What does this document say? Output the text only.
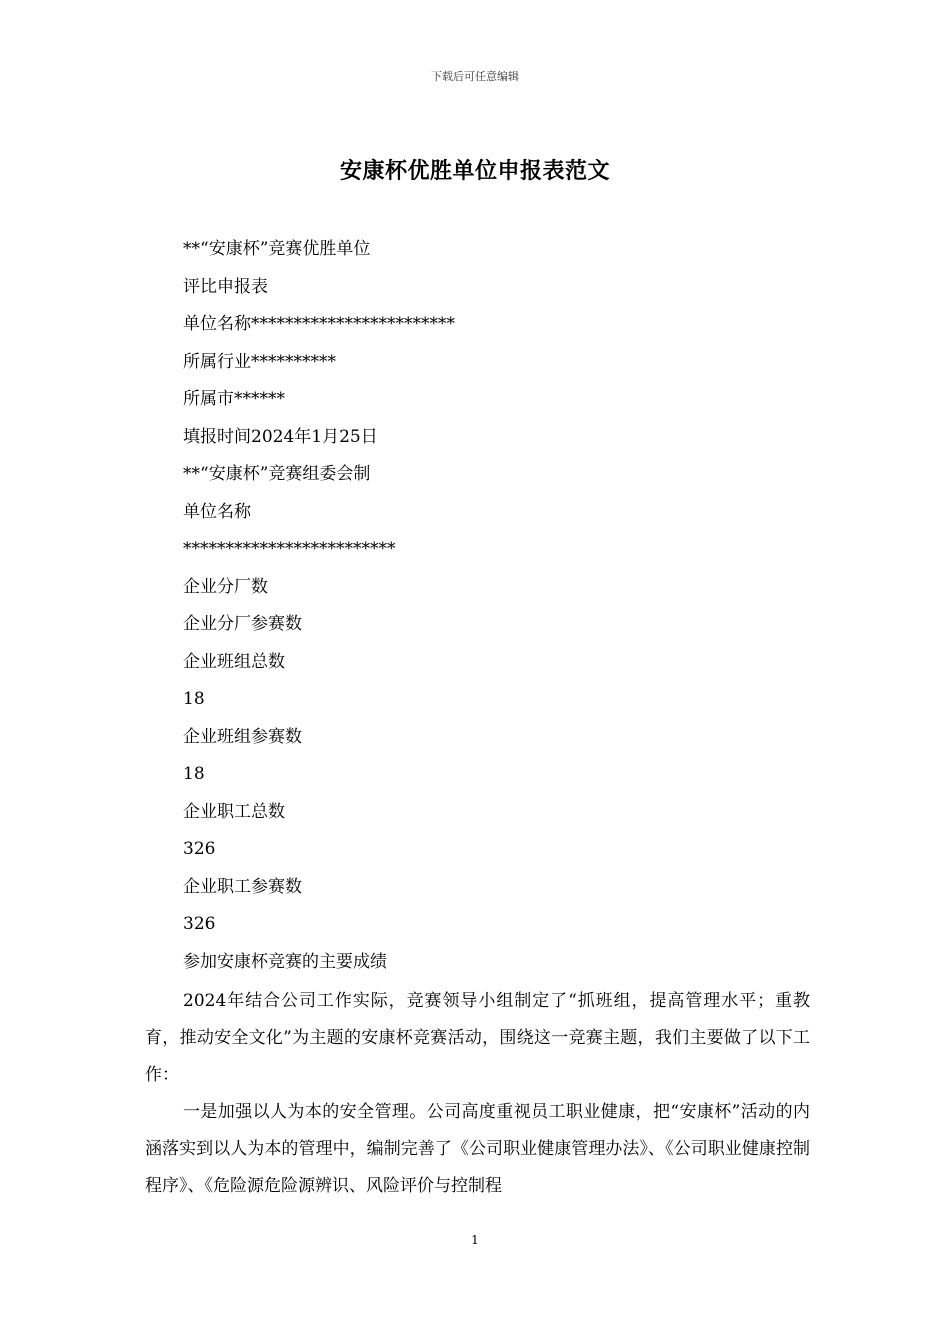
下载后可任意编辑
安康杯优胜单位申报表范文
**“安康杯”竞赛优胜单位
评比申报表
单位名称************************
所属行业**********
所属市******
填报时间2024年1月25日
**“安康杯”竞赛组委会制
单位名称
*************************
企业分厂数
企业分厂参赛数
企业班组总数
18
企业班组参赛数
18
企业职工总数
326
企业职工参赛数
326
参加安康杯竞赛的主要成绩

2024年结合公司工作实际，竞赛领导小组制定了“抓班组，提高管理水平；重教育，推动安全文化”为主题的安康杯竞赛活动，围绕这一竞赛主题，我们主要做了以下工作：

一是加强以人为本的安全管理。公司高度重视员工职业健康，把“安康杯”活动的内涵落实到以人为本的管理中，编制完善了《公司职业健康管理办法》、《公司职业健康控制程序》、《危险源危险源辨识、风险评价与控制程

1
